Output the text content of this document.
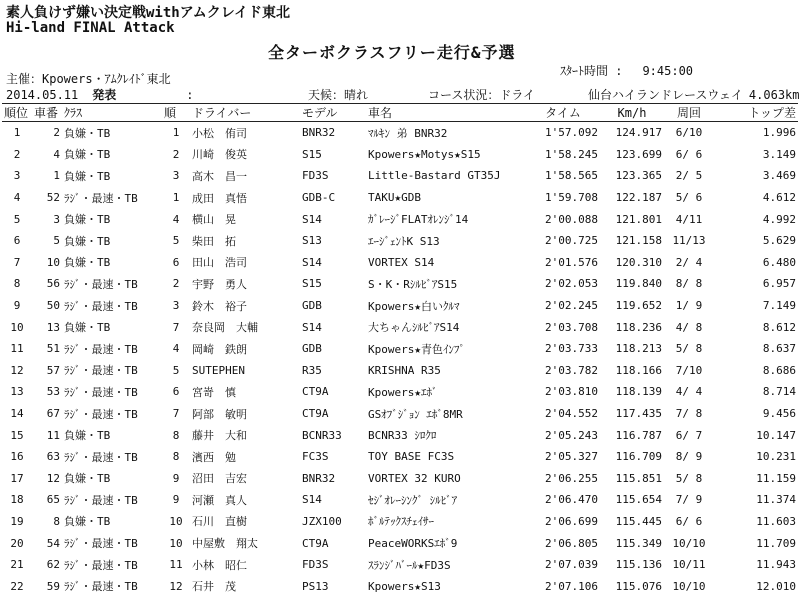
素人負けず嫌い決定戦withアムクレイド東北
Hi-land FINAL Attack
全ターボクラスフリー走行&予選
ｽﾀｰﾄ時間 : 9:45:00
主催：Kpowers・ｱﾑｸﾚｲﾄﾞ東北
2014.05.11 発表	:	天候：晴れ	コース状況：ドライ	仙台ハイランドレースウェイ 4.063km
順位	車番	ｸﾗｽ	順	ドライバー	モデル	車名	タイム	Km/h	周回	トップ差
1	2	負嫌・TB	1	小松　侑司	BNR32	ﾏﾙｷﾝ 弟 BNR32	1'57.092	124.917	6/10	1.996
2	4	負嫌・TB	2	川崎　俊英	S15	Kpowers★Motys★S15	1'58.245	123.699	6/ 6	3.149
3	1	負嫌・TB	3	高木　昌一	FD3S	Little-Bastard GT35J	1'58.565	123.365	2/ 5	3.469
4	52	ﾗｼﾞ・最速・TB	1	成田　真悟	GDB-C	TAKU★GDB	1'59.708	122.187	5/ 6	4.612
5	3	負嫌・TB	4	横山　晃	S14	ｶﾞﾚｰｼﾞFLATｵﾚﾝｼﾞ14	2'00.088	121.801	4/11	4.992
6	5	負嫌・TB	5	柴田　拓	S13	ｴｰｼﾞｪﾝﾄK S13	2'00.725	121.158	11/13	5.629
7	10	負嫌・TB	6	田山　浩司	S14	VORTEX S14	2'01.576	120.310	2/ 4	6.480
8	56	ﾗｼﾞ・最速・TB	2	宇野　勇人	S15	S・K・RｼﾙﾋﾞｱS15	2'02.053	119.840	8/ 8	6.957
9	50	ﾗｼﾞ・最速・TB	3	鈴木　裕子	GDB	Kpowers★白いｸﾙﾏ	2'02.245	119.652	1/ 9	7.149
10	13	負嫌・TB	7	奈良岡　大輔	S14	大ちゃんｼﾙﾋﾞｱS14	2'03.708	118.236	4/ 8	8.612
11	51	ﾗｼﾞ・最速・TB	4	岡崎　鉄朗	GDB	Kpowers★青色ｲﾝﾌﾟ	2'03.733	118.213	5/ 8	8.637
12	57	ﾗｼﾞ・最速・TB	5	SUTEPHEN	R35	KRISHNA R35	2'03.782	118.166	7/10	8.686
13	53	ﾗｼﾞ・最速・TB	6	宮嵜　慎	CT9A	Kpowers★ｴﾎﾞ	2'03.810	118.139	4/ 4	8.714
14	67	ﾗｼﾞ・最速・TB	7	阿部　敏明	CT9A	GSｵﾌﾞｼﾞｮﾝ ｴﾎﾞ8MR	2'04.552	117.435	7/ 8	9.456
15	11	負嫌・TB	8	藤井　大和	BCNR33	BCNR33 ｼﾛｸﾛ	2'05.243	116.787	6/ 7	10.147
16	63	ﾗｼﾞ・最速・TB	8	濱西　勉	FC3S	TOY BASE FC3S	2'05.327	116.709	8/ 9	10.231
17	12	負嫌・TB	9	沼田　吉宏	BNR32	VORTEX 32 KURO	2'06.255	115.851	5/ 8	11.159
18	65	ﾗｼﾞ・最速・TB	9	河瀬　真人	S14	ｾｼﾞｵﾚｰｼﾝｸﾞ ｼﾙﾋﾞｱ	2'06.470	115.654	7/ 9	11.374
19	8	負嫌・TB	10	石川　直樹	JZX100	ﾎﾞﾙﾃｯｸｽﾁｪｲｻｰ	2'06.699	115.445	6/ 6	11.603
20	54	ﾗｼﾞ・最速・TB	10	中屋敷　翔太	CT9A	PeaceWORKSｴﾎﾞ9	2'06.805	115.349	10/10	11.709
21	62	ﾗｼﾞ・最速・TB	11	小林　昭仁	FD3S	ｽﾗﾝｼﾞﾊﾞｰﾙ★FD3S	2'07.039	115.136	10/11	11.943
22	59	ﾗｼﾞ・最速・TB	12	石井　茂	PS13	Kpowers★S13	2'07.106	115.076	10/10	12.010
